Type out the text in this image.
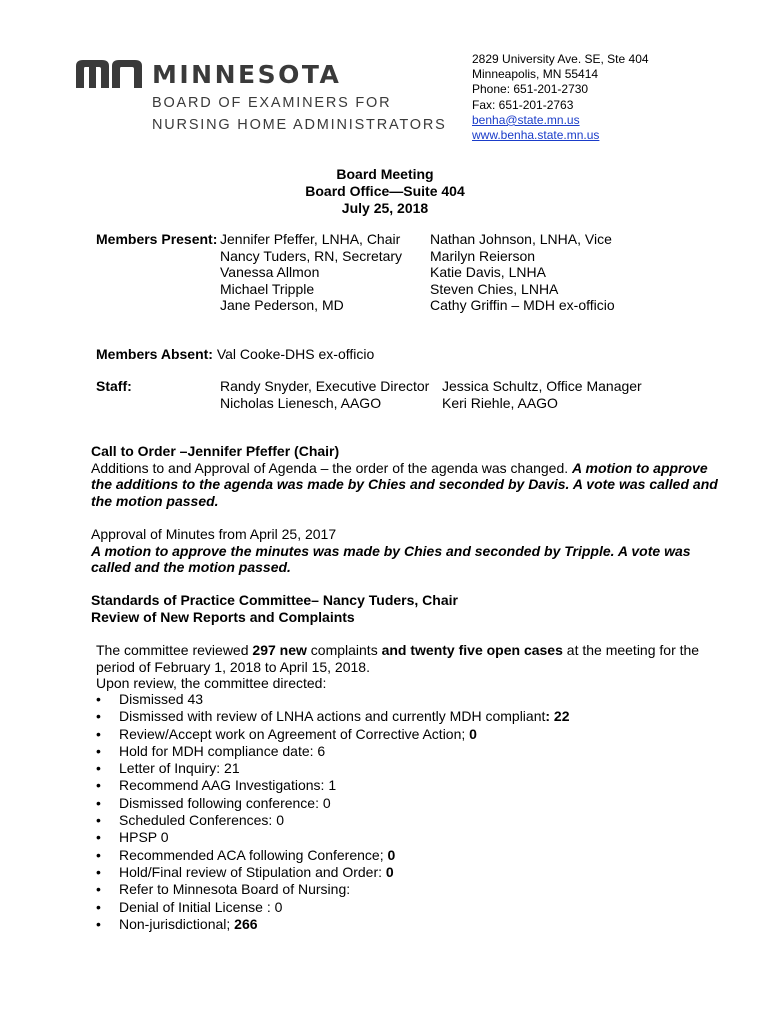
MINNESOTA
BOARD OF EXAMINERS FOR
NURSING HOME ADMINISTRATORS
2829 University Ave. SE, Ste 404
Minneapolis, MN 55414
Phone: 651-201-2730
Fax: 651-201-2763
benha@state.mn.us
www.benha.state.mn.us
Board Meeting
Board Office—Suite 404
July 25, 2018
Members Present: Jennifer Pfeffer, LNHA, Chair
Nancy Tuders, RN, Secretary
Vanessa Allmon
Michael Tripple
Jane Pederson, MD
Nathan Johnson, LNHA, Vice
Marilyn Reierson
Katie Davis, LNHA
Steven Chies, LNHA
Cathy Griffin – MDH ex-officio
Members Absent: Val Cooke-DHS ex-officio
Staff:	Randy Snyder, Executive Director
Nicholas Lienesch, AAGO
Jessica Schultz, Office Manager
Keri Riehle, AAGO
Call to Order –Jennifer Pfeffer (Chair)
Additions to and Approval of Agenda – the order of the agenda was changed. A motion to approve the additions to the agenda was made by Chies and seconded by Davis. A vote was called and the motion passed.
Approval of Minutes from April 25, 2017
A motion to approve the minutes was made by Chies and seconded by Tripple. A vote was called and the motion passed.
Standards of Practice Committee– Nancy Tuders, Chair
Review of New Reports and Complaints
The committee reviewed 297 new complaints and twenty five open cases at the meeting for the period of February 1, 2018 to April 15, 2018.
Upon review, the committee directed:
• Dismissed 43
• Dismissed with review of LNHA actions and currently MDH compliant: 22
• Review/Accept work on Agreement of Corrective Action; 0
• Hold for MDH compliance date: 6
• Letter of Inquiry: 21
• Recommend AAG Investigations: 1
• Dismissed following conference: 0
• Scheduled Conferences: 0
• HPSP 0
• Recommended ACA following Conference; 0
• Hold/Final review of Stipulation and Order: 0
• Refer to Minnesota Board of Nursing:
• Denial of Initial License : 0
• Non-jurisdictional; 266
